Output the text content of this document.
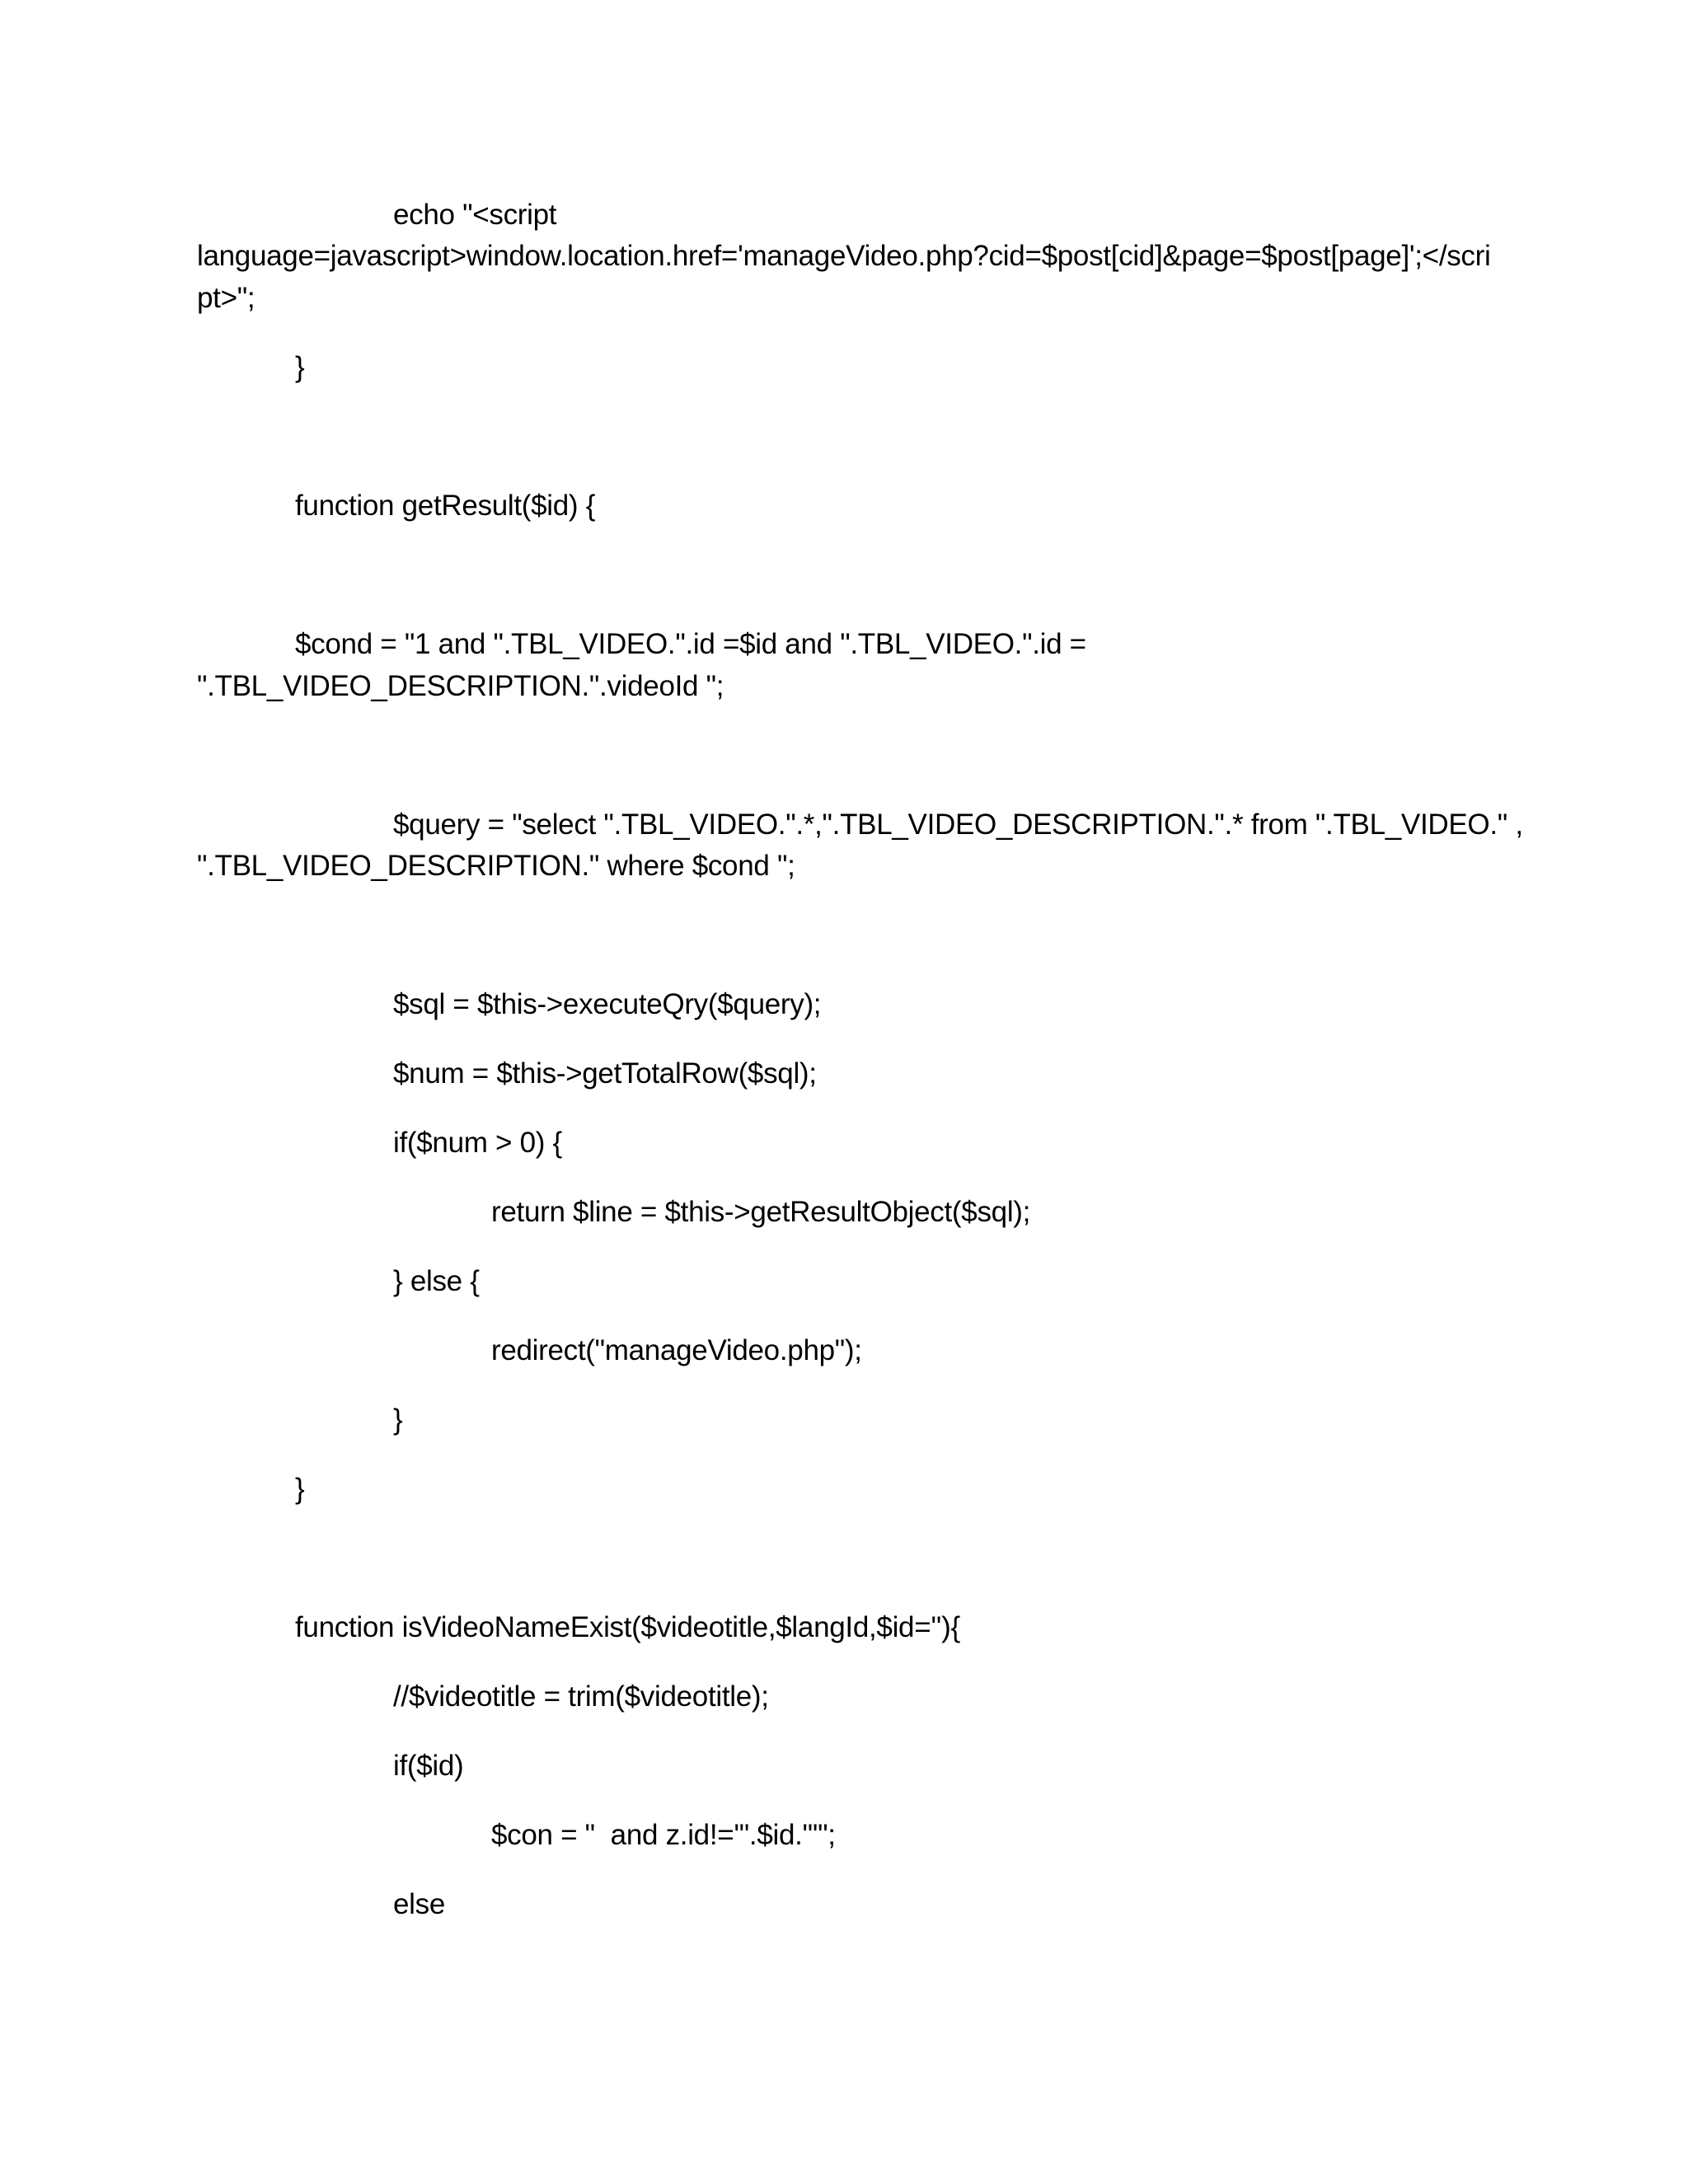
echo "<script
language=javascript>window.location.href='manageVideo.php?cid=$post[cid]&page=$post[page]';</scri
pt>";
}
function getResult($id) {
$cond = "1 and ".TBL_VIDEO.".id =$id and ".TBL_VIDEO.".id =
".TBL_VIDEO_DESCRIPTION.".videoId ";
$query = "select ".TBL_VIDEO.".*,".TBL_VIDEO_DESCRIPTION.".* from ".TBL_VIDEO." ,
".TBL_VIDEO_DESCRIPTION." where $cond ";
$sql = $this->executeQry($query);
$num = $this->getTotalRow($sql);
if($num > 0) {
return $line = $this->getResultObject($sql);
} else {
redirect("manageVideo.php");
}
}
function isVideoNameExist($videotitle,$langId,$id=''){
//$videotitle = trim($videotitle);
if($id)
$con = "  and z.id!='".$id."'";
else
